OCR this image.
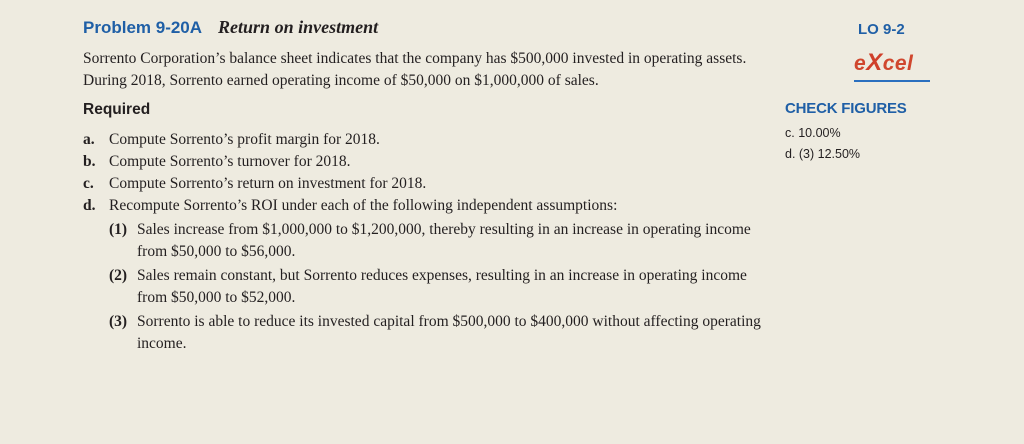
Problem 9-20A Return on investment
Sorrento Corporation’s balance sheet indicates that the company has $500,000 invested in operating assets. During 2018, Sorrento earned operating income of $50,000 on $1,000,000 of sales.
Required
a. Compute Sorrento’s profit margin for 2018.
b. Compute Sorrento’s turnover for 2018.
c. Compute Sorrento’s return on investment for 2018.
d. Recompute Sorrento’s ROI under each of the following independent assumptions:
(1) Sales increase from $1,000,000 to $1,200,000, thereby resulting in an increase in operating income from $50,000 to $56,000.
(2) Sales remain constant, but Sorrento reduces expenses, resulting in an increase in operating income from $50,000 to $52,000.
(3) Sorrento is able to reduce its invested capital from $500,000 to $400,000 without affecting operating income.
LO 9-2
eXcel
CHECK FIGURES
c. 10.00%
d. (3) 12.50%
